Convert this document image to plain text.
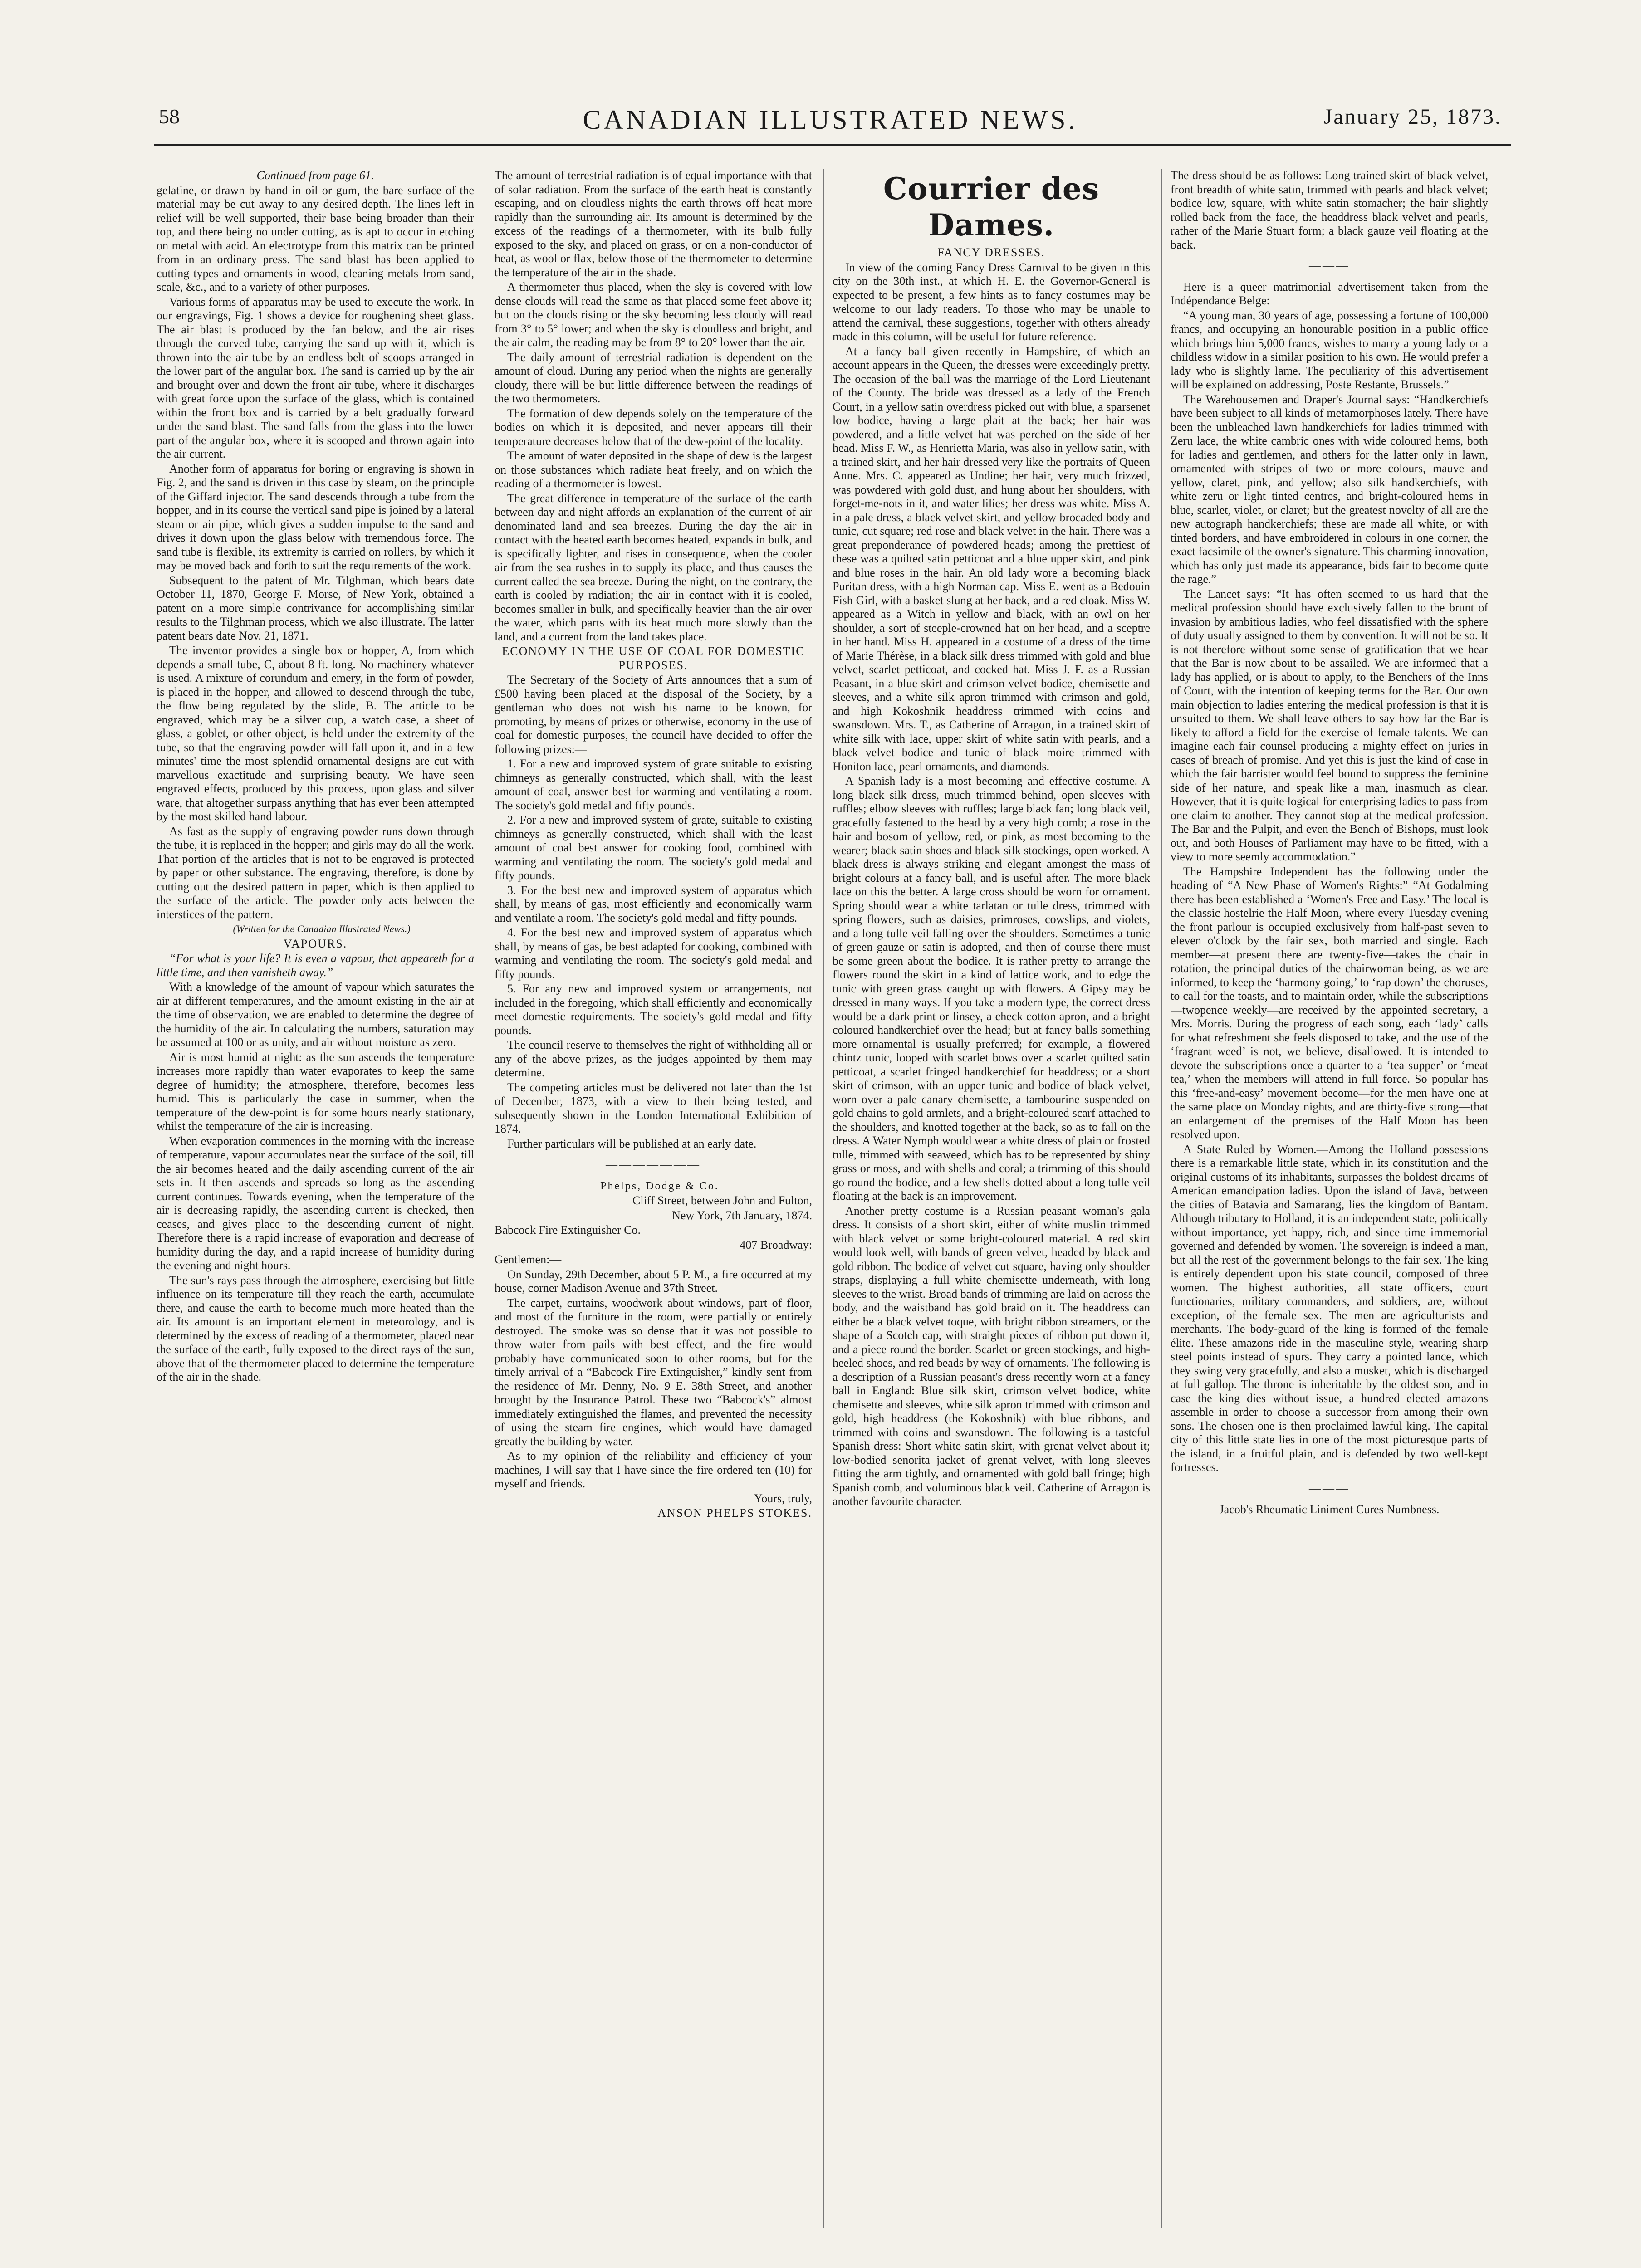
58	CANADIAN ILLUSTRATED NEWS.	January 25, 1873.

Continued from page 61.

gelatine, or drawn by hand in oil or gum, the bare surface of the material may be cut away to any desired depth. The lines left in relief will be well supported, their base being broader than their top, and there being no under cutting, as is apt to occur in etching on metal with acid. An electrotype from this matrix can be printed from in an ordinary press. The sand blast has been applied to cutting types and ornaments in wood, cleaning metals from sand, scale, &c., and to a variety of other purposes.

Various forms of apparatus may be used to execute the work. In our engravings, Fig. 1 shows a device for roughening sheet glass. The air blast is produced by the fan below, and the air rises through the curved tube, carrying the sand up with it, which is thrown into the air tube by an endless belt of scoops arranged in the lower part of the angular box. The sand is carried up by the air and brought over and down the front air tube, where it discharges with great force upon the surface of the glass, which is contained within the front box and is carried by a belt gradually forward under the sand blast. The sand falls from the glass into the lower part of the angular box, where it is scooped and thrown again into the air current.

Another form of apparatus for boring or engraving is shown in Fig. 2, and the sand is driven in this case by steam, on the principle of the Giffard injector. The sand descends through a tube from the hopper, and in its course the vertical sand pipe is joined by a lateral steam or air pipe, which gives a sudden impulse to the sand and drives it down upon the glass below with tremendous force. The sand tube is flexible, its extremity is carried on rollers, by which it may be moved back and forth to suit the requirements of the work.

Subsequent to the patent of Mr. Tilghman, which bears date October 11, 1870, George F. Morse, of New York, obtained a patent on a more simple contrivance for accomplishing similar results to the Tilghman process, which we also illustrate. The latter patent bears date Nov. 21, 1871.

The inventor provides a single box or hopper, A, from which depends a small tube, C, about 8 ft. long. No machinery whatever is used. A mixture of corundum and emery, in the form of powder, is placed in the hopper, and allowed to descend through the tube, the flow being regulated by the slide, B. The article to be engraved, which may be a silver cup, a watch case, a sheet of glass, a goblet, or other object, is held under the extremity of the tube, so that the engraving powder will fall upon it, and in a few minutes' time the most splendid ornamental designs are cut with marvellous exactitude and surprising beauty. We have seen engraved effects, produced by this process, upon glass and silver ware, that altogether surpass anything that has ever been attempted by the most skilled hand labour.

As fast as the supply of engraving powder runs down through the tube, it is replaced in the hopper; and girls may do all the work. That portion of the articles that is not to be engraved is protected by paper or other substance. The engraving, therefore, is done by cutting out the desired pattern in paper, which is then applied to the surface of the article. The powder only acts between the interstices of the pattern.

(Written for the Canadian Illustrated News.)

VAPOURS.

“For what is your life? It is even a vapour, that appeareth for a little time, and then vanisheth away.”

With a knowledge of the amount of vapour which saturates the air at different temperatures, and the amount existing in the air at the time of observation, we are enabled to determine the degree of the humidity of the air. In calculating the numbers, saturation may be assumed at 100 or as unity, and air without moisture as zero.

Air is most humid at night: as the sun ascends the temperature increases more rapidly than water evaporates to keep the same degree of humidity; the atmosphere, therefore, becomes less humid. This is particularly the case in summer, when the temperature of the dew-point is for some hours nearly stationary, whilst the temperature of the air is increasing.

When evaporation commences in the morning with the increase of temperature, vapour accumulates near the surface of the soil, till the air becomes heated and the daily ascending current of the air sets in. It then ascends and spreads so long as the ascending current continues. Towards evening, when the temperature of the air is decreasing rapidly, the ascending current is checked, then ceases, and gives place to the descending current of night. Therefore there is a rapid increase of evaporation and decrease of humidity during the day, and a rapid increase of humidity during the evening and night hours.

The sun's rays pass through the atmosphere, exercising but little influence on its temperature till they reach the earth, accumulate there, and cause the earth to become much more heated than the air. Its amount is an important element in meteorology, and is determined by the excess of reading of a thermometer, placed near the surface of the earth, fully exposed to the direct rays of the sun, above that of the thermometer placed to determine the temperature of the air in the shade.

The amount of terrestrial radiation is of equal importance with that of solar radiation. From the surface of the earth heat is constantly escaping, and on cloudless nights the earth throws off heat more rapidly than the surrounding air. Its amount is determined by the excess of the readings of a thermometer, with its bulb fully exposed to the sky, and placed on grass, or on a non-conductor of heat, as wool or flax, below those of the thermometer to determine the temperature of the air in the shade.

A thermometer thus placed, when the sky is covered with low dense clouds will read the same as that placed some feet above it; but on the clouds rising or the sky becoming less cloudy will read from 3° to 5° lower; and when the sky is cloudless and bright, and the air calm, the reading may be from 8° to 20° lower than the air.

The daily amount of terrestrial radiation is dependent on the amount of cloud. During any period when the nights are generally cloudy, there will be but little difference between the readings of the two thermometers.

The formation of dew depends solely on the temperature of the bodies on which it is deposited, and never appears till their temperature decreases below that of the dew-point of the locality.

The amount of water deposited in the shape of dew is the largest on those substances which radiate heat freely, and on which the reading of a thermometer is lowest.

The great difference in temperature of the surface of the earth between day and night affords an explanation of the current of air denominated land and sea breezes. During the day the air in contact with the heated earth becomes heated, expands in bulk, and is specifically lighter, and rises in consequence, when the cooler air from the sea rushes in to supply its place, and thus causes the current called the sea breeze. During the night, on the contrary, the earth is cooled by radiation; the air in contact with it is cooled, becomes smaller in bulk, and specifically heavier than the air over the water, which parts with its heat much more slowly than the land, and a current from the land takes place.

ECONOMY IN THE USE OF COAL FOR DOMESTIC PURPOSES.

The Secretary of the Society of Arts announces that a sum of £500 having been placed at the disposal of the Society, by a gentleman who does not wish his name to be known, for promoting, by means of prizes or otherwise, economy in the use of coal for domestic purposes, the council have decided to offer the following prizes:—

1. For a new and improved system of grate suitable to existing chimneys as generally constructed, which shall, with the least amount of coal, answer best for warming and ventilating a room. The society's gold medal and fifty pounds.

2. For a new and improved system of grate, suitable to existing chimneys as generally constructed, which shall with the least amount of coal best answer for cooking food, combined with warming and ventilating the room. The society's gold medal and fifty pounds.

3. For the best new and improved system of apparatus which shall, by means of gas, most efficiently and economically warm and ventilate a room. The society's gold medal and fifty pounds.

4. For the best new and improved system of apparatus which shall, by means of gas, be best adapted for cooking, combined with warming and ventilating the room. The society's gold medal and fifty pounds.

5. For any new and improved system or arrangements, not included in the foregoing, which shall efficiently and economically meet domestic requirements. The society's gold medal and fifty pounds.

The council reserve to themselves the right of withholding all or any of the above prizes, as the judges appointed by them may determine.

The competing articles must be delivered not later than the 1st of December, 1873, with a view to their being tested, and subsequently shown in the London International Exhibition of 1874.

Further particulars will be published at an early date.

———————

Phelps, Dodge & Co.

Cliff Street, between John and Fulton,

New York, 7th January, 1874.

Babcock Fire Extinguisher Co.

407 Broadway:

Gentlemen:—

On Sunday, 29th December, about 5 P. M., a fire occurred at my house, corner Madison Avenue and 37th Street.

The carpet, curtains, woodwork about windows, part of floor, and most of the furniture in the room, were partially or entirely destroyed. The smoke was so dense that it was not possible to throw water from pails with best effect, and the fire would probably have communicated soon to other rooms, but for the timely arrival of a “Babcock Fire Extinguisher,” kindly sent from the residence of Mr. Denny, No. 9 E. 38th Street, and another brought by the Insurance Patrol. These two “Babcock's” almost immediately extinguished the flames, and prevented the necessity of using the steam fire engines, which would have damaged greatly the building by water.

As to my opinion of the reliability and efficiency of your machines, I will say that I have since the fire ordered ten (10) for myself and friends.

Yours, truly,

ANSON PHELPS STOKES.

Courrier des Dames.

FANCY DRESSES.

In view of the coming Fancy Dress Carnival to be given in this city on the 30th inst., at which H. E. the Governor-General is expected to be present, a few hints as to fancy costumes may be welcome to our lady readers. To those who may be unable to attend the carnival, these suggestions, together with others already made in this column, will be useful for future reference.

At a fancy ball given recently in Hampshire, of which an account appears in the Queen, the dresses were exceedingly pretty. The occasion of the ball was the marriage of the Lord Lieutenant of the County. The bride was dressed as a lady of the French Court, in a yellow satin overdress picked out with blue, a sparsenet low bodice, having a large plait at the back; her hair was powdered, and a little velvet hat was perched on the side of her head. Miss F. W., as Henrietta Maria, was also in yellow satin, with a trained skirt, and her hair dressed very like the portraits of Queen Anne. Mrs. C. appeared as Undine; her hair, very much frizzed, was powdered with gold dust, and hung about her shoulders, with forget-me-nots in it, and water lilies; her dress was white. Miss A. in a pale dress, a black velvet skirt, and yellow brocaded body and tunic, cut square; red rose and black velvet in the hair. There was a great preponderance of powdered heads; among the prettiest of these was a quilted satin petticoat and a blue upper skirt, and pink and blue roses in the hair. An old lady wore a becoming black Puritan dress, with a high Norman cap. Miss E. went as a Bedouin Fish Girl, with a basket slung at her back, and a red cloak. Miss W. appeared as a Witch in yellow and black, with an owl on her shoulder, a sort of steeple-crowned hat on her head, and a sceptre in her hand. Miss H. appeared in a costume of a dress of the time of Marie Thérèse, in a black silk dress trimmed with gold and blue velvet, scarlet petticoat, and cocked hat. Miss J. F. as a Russian Peasant, in a blue skirt and crimson velvet bodice, chemisette and sleeves, and a white silk apron trimmed with crimson and gold, and high Kokoshnik headdress trimmed with coins and swansdown. Mrs. T., as Catherine of Arragon, in a trained skirt of white silk with lace, upper skirt of white satin with pearls, and a black velvet bodice and tunic of black moire trimmed with Honiton lace, pearl ornaments, and diamonds.

A Spanish lady is a most becoming and effective costume. A long black silk dress, much trimmed behind, open sleeves with ruffles; elbow sleeves with ruffles; large black fan; long black veil, gracefully fastened to the head by a very high comb; a rose in the hair and bosom of yellow, red, or pink, as most becoming to the wearer; black satin shoes and black silk stockings, open worked. A black dress is always striking and elegant amongst the mass of bright colours at a fancy ball, and is useful after. The more black lace on this the better. A large cross should be worn for ornament. Spring should wear a white tarlatan or tulle dress, trimmed with spring flowers, such as daisies, primroses, cowslips, and violets, and a long tulle veil falling over the shoulders. Sometimes a tunic of green gauze or satin is adopted, and then of course there must be some green about the bodice. It is rather pretty to arrange the flowers round the skirt in a kind of lattice work, and to edge the tunic with green grass caught up with flowers. A Gipsy may be dressed in many ways. If you take a modern type, the correct dress would be a dark print or linsey, a check cotton apron, and a bright coloured handkerchief over the head; but at fancy balls something more ornamental is usually preferred; for example, a flowered chintz tunic, looped with scarlet bows over a scarlet quilted satin petticoat, a scarlet fringed handkerchief for headdress; or a short skirt of crimson, with an upper tunic and bodice of black velvet, worn over a pale canary chemisette, a tambourine suspended on gold chains to gold armlets, and a bright-coloured scarf attached to the shoulders, and knotted together at the back, so as to fall on the dress. A Water Nymph would wear a white dress of plain or frosted tulle, trimmed with seaweed, which has to be represented by shiny grass or moss, and with shells and coral; a trimming of this should go round the bodice, and a few shells dotted about a long tulle veil floating at the back is an improvement.

Another pretty costume is a Russian peasant woman's gala dress. It consists of a short skirt, either of white muslin trimmed with black velvet or some bright-coloured material. A red skirt would look well, with bands of green velvet, headed by black and gold ribbon. The bodice of velvet cut square, having only shoulder straps, displaying a full white chemisette underneath, with long sleeves to the wrist. Broad bands of trimming are laid on across the body, and the waistband has gold braid on it. The headdress can either be a black velvet toque, with bright ribbon streamers, or the shape of a Scotch cap, with straight pieces of ribbon put down it, and a piece round the border. Scarlet or green stockings, and high-heeled shoes, and red beads by way of ornaments. The following is a description of a Russian peasant's dress recently worn at a fancy ball in England: Blue silk skirt, crimson velvet bodice, white chemisette and sleeves, white silk apron trimmed with crimson and gold, high headdress (the Kokoshnik) with blue ribbons, and trimmed with coins and swansdown. The following is a tasteful Spanish dress: Short white satin skirt, with grenat velvet about it; low-bodied senorita jacket of grenat velvet, with long sleeves fitting the arm tightly, and ornamented with gold ball fringe; high Spanish comb, and voluminous black veil. Catherine of Arragon is another favourite character.

The dress should be as follows: Long trained skirt of black velvet, front breadth of white satin, trimmed with pearls and black velvet; bodice low, square, with white satin stomacher; the hair slightly rolled back from the face, the headdress black velvet and pearls, rather of the Marie Stuart form; a black gauze veil floating at the back.

———

Here is a queer matrimonial advertisement taken from the Indépendance Belge:

“A young man, 30 years of age, possessing a fortune of 100,000 francs, and occupying an honourable position in a public office which brings him 5,000 francs, wishes to marry a young lady or a childless widow in a similar position to his own. He would prefer a lady who is slightly lame. The peculiarity of this advertisement will be explained on addressing, Poste Restante, Brussels.”

The Warehousemen and Draper's Journal says: “Handkerchiefs have been subject to all kinds of metamorphoses lately. There have been the unbleached lawn handkerchiefs for ladies trimmed with Zeru lace, the white cambric ones with wide coloured hems, both for ladies and gentlemen, and others for the latter only in lawn, ornamented with stripes of two or more colours, mauve and yellow, claret, pink, and yellow; also silk handkerchiefs, with white zeru or light tinted centres, and bright-coloured hems in blue, scarlet, violet, or claret; but the greatest novelty of all are the new autograph handkerchiefs; these are made all white, or with tinted borders, and have embroidered in colours in one corner, the exact facsimile of the owner's signature. This charming innovation, which has only just made its appearance, bids fair to become quite the rage.”

The Lancet says: “It has often seemed to us hard that the medical profession should have exclusively fallen to the brunt of invasion by ambitious ladies, who feel dissatisfied with the sphere of duty usually assigned to them by convention. It will not be so. It is not therefore without some sense of gratification that we hear that the Bar is now about to be assailed. We are informed that a lady has applied, or is about to apply, to the Benchers of the Inns of Court, with the intention of keeping terms for the Bar. Our own main objection to ladies entering the medical profession is that it is unsuited to them. We shall leave others to say how far the Bar is likely to afford a field for the exercise of female talents. We can imagine each fair counsel producing a mighty effect on juries in cases of breach of promise. And yet this is just the kind of case in which the fair barrister would feel bound to suppress the feminine side of her nature, and speak like a man, inasmuch as clear. However, that it is quite logical for enterprising ladies to pass from one claim to another. They cannot stop at the medical profession. The Bar and the Pulpit, and even the Bench of Bishops, must look out, and both Houses of Parliament may have to be fitted, with a view to more seemly accommodation.”

The Hampshire Independent has the following under the heading of “A New Phase of Women's Rights:” “At Godalming there has been established a ‘Women's Free and Easy.’ The local is the classic hostelrie the Half Moon, where every Tuesday evening the front parlour is occupied exclusively from half-past seven to eleven o'clock by the fair sex, both married and single. Each member—at present there are twenty-five—takes the chair in rotation, the principal duties of the chairwoman being, as we are informed, to keep the ‘harmony going,’ to ‘rap down’ the choruses, to call for the toasts, and to maintain order, while the subscriptions—twopence weekly—are received by the appointed secretary, a Mrs. Morris. During the progress of each song, each ‘lady’ calls for what refreshment she feels disposed to take, and the use of the ‘fragrant weed’ is not, we believe, disallowed. It is intended to devote the subscriptions once a quarter to a ‘tea supper’ or ‘meat tea,’ when the members will attend in full force. So popular has this ‘free-and-easy’ movement become—for the men have one at the same place on Monday nights, and are thirty-five strong—that an enlargement of the premises of the Half Moon has been resolved upon.

A State Ruled by Women.—Among the Holland possessions there is a remarkable little state, which in its constitution and the original customs of its inhabitants, surpasses the boldest dreams of American emancipation ladies. Upon the island of Java, between the cities of Batavia and Samarang, lies the kingdom of Bantam. Although tributary to Holland, it is an independent state, politically without importance, yet happy, rich, and since time immemorial governed and defended by women. The sovereign is indeed a man, but all the rest of the government belongs to the fair sex. The king is entirely dependent upon his state council, composed of three women. The highest authorities, all state officers, court functionaries, military commanders, and soldiers, are, without exception, of the female sex. The men are agriculturists and merchants. The body-guard of the king is formed of the female élite. These amazons ride in the masculine style, wearing sharp steel points instead of spurs. They carry a pointed lance, which they swing very gracefully, and also a musket, which is discharged at full gallop. The throne is inheritable by the oldest son, and in case the king dies without issue, a hundred elected amazons assemble in order to choose a successor from among their own sons. The chosen one is then proclaimed lawful king. The capital city of this little state lies in one of the most picturesque parts of the island, in a fruitful plain, and is defended by two well-kept fortresses.

———

Jacob's Rheumatic Liniment Cures Numbness.
